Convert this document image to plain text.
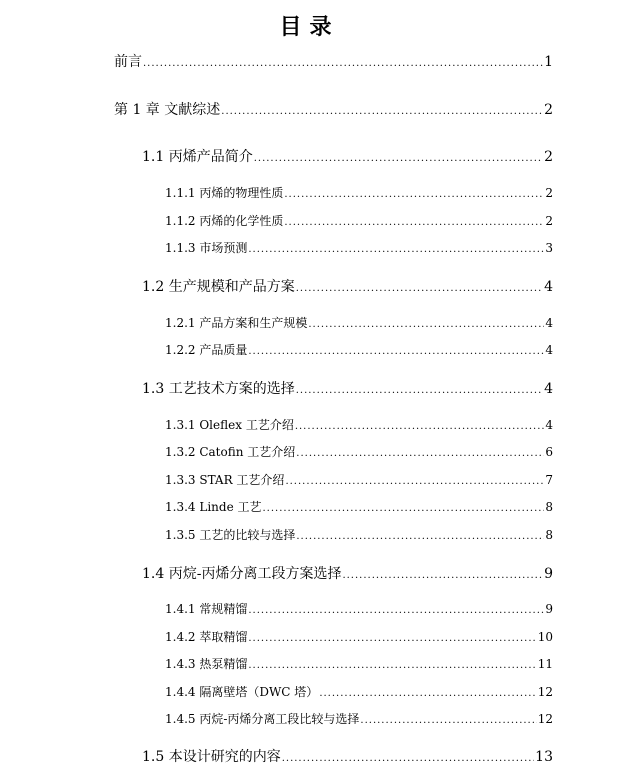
目录
前言 .....	1
第 1 章 文献综述 .....	2
1.1 丙烯产品简介 .....	2
1.1.1 丙烯的物理性质 .....	2
1.1.2 丙烯的化学性质 .....	2
1.1.3 市场预测 .....	3
1.2 生产规模和产品方案 .....	4
1.2.1 产品方案和生产规模 .....	4
1.2.2 产品质量 .....	4
1.3 工艺技术方案的选择 .....	4
1.3.1 Oleflex 工艺介绍 .....	4
1.3.2 Catofin 工艺介绍 .....	6
1.3.3 STAR 工艺介绍 .....	7
1.3.4 Linde 工艺 .....	8
1.3.5 工艺的比较与选择 .....	8
1.4 丙烷-丙烯分离工段方案选择 .....	9
1.4.1 常规精馏 .....	9
1.4.2 萃取精馏 .....	10
1.4.3 热泵精馏 .....	11
1.4.4 隔离壁塔（DWC 塔） .....	12
1.4.5 丙烷-丙烯分离工段比较与选择 .....	12
1.5 本设计研究的内容 .....	13
